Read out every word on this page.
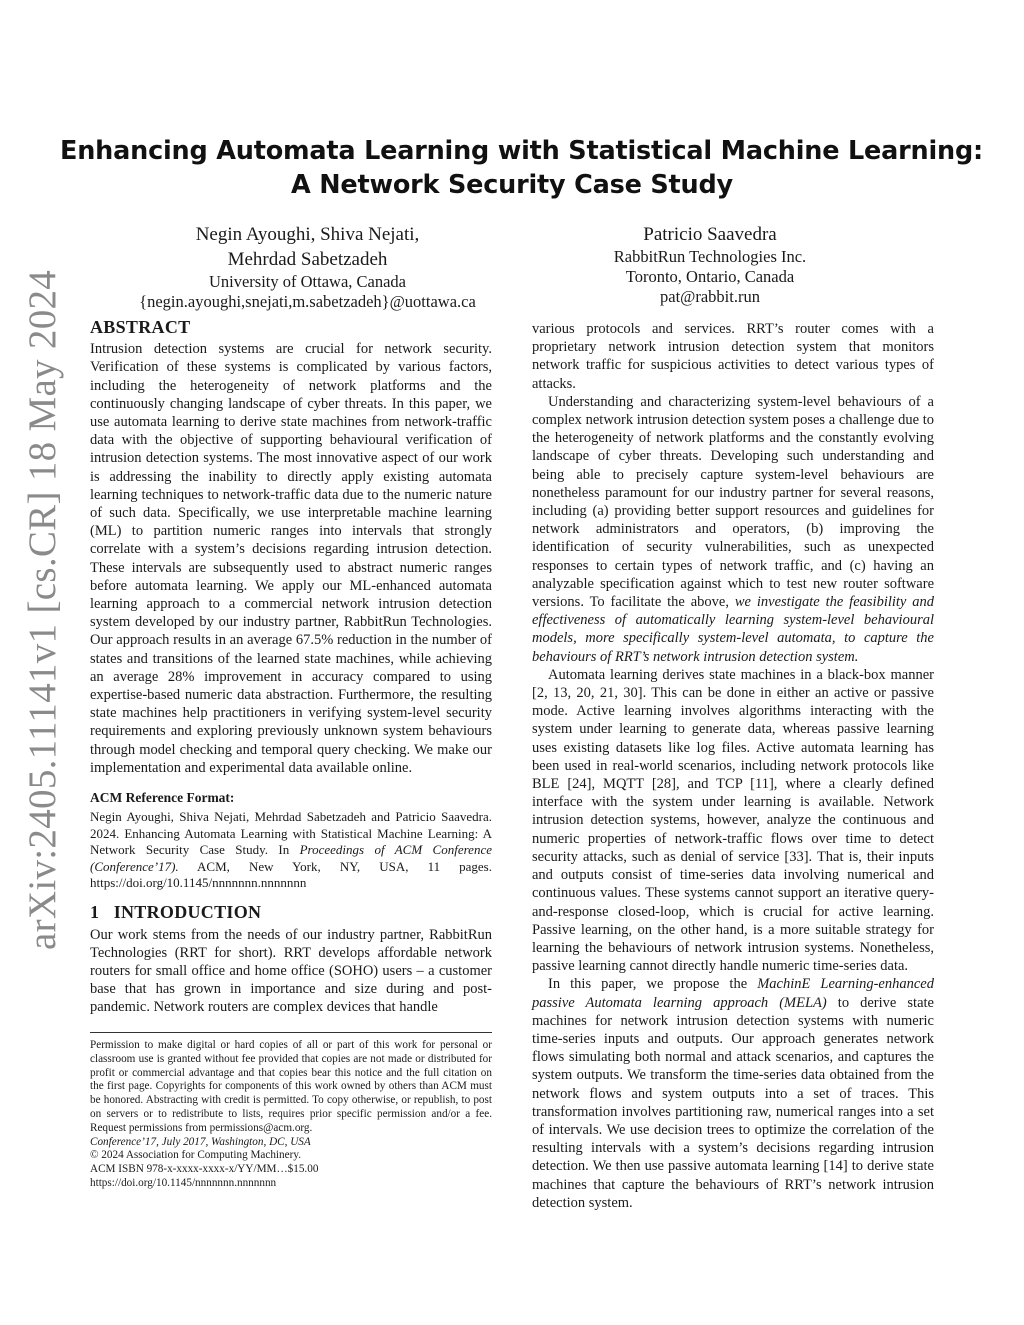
Enhancing Automata Learning with Statistical Machine Learning:
A Network Security Case Study
Negin Ayoughi, Shiva Nejati,
Mehrdad Sabetzadeh
University of Ottawa, Canada
{negin.ayoughi,snejati,m.sabetzadeh}@uottawa.ca
Patricio Saavedra
RabbitRun Technologies Inc.
Toronto, Ontario, Canada
pat@rabbit.run
arXiv:2405.11141v1 [cs.CR] 18 May 2024 ABSTRACT

Intrusion detection systems are crucial for network security. Verification of these systems is complicated by various factors, including the heterogeneity of network platforms and the continuously changing landscape of cyber threats. In this paper, we use automata learning to derive state machines from network-traffic data with the objective of supporting behavioural verification of intrusion detection systems. The most innovative aspect of our work is addressing the inability to directly apply existing automata learning techniques to network-traffic data due to the numeric nature of such data. Specifically, we use interpretable machine learning (ML) to partition numeric ranges into intervals that strongly correlate with a system’s decisions regarding intrusion detection. These intervals are subsequently used to abstract numeric ranges before automata learning. We apply our ML-enhanced automata learning approach to a commercial network intrusion detection system developed by our industry partner, RabbitRun Technologies. Our approach results in an average 67.5% reduction in the number of states and transitions of the learned state machines, while achieving an average 28% improvement in accuracy compared to using expertise-based numeric data abstraction. Furthermore, the resulting state machines help practitioners in verifying system-level security requirements and exploring previously unknown system behaviours through model checking and temporal query checking. We make our implementation and experimental data available online.

ACM Reference Format:

Negin Ayoughi, Shiva Nejati, Mehrdad Sabetzadeh and Patricio Saavedra. 2024. Enhancing Automata Learning with Statistical Machine Learning: A Network Security Case Study. In Proceedings of ACM Conference (Conference’17). ACM, New York, NY, USA, 11 pages. https://doi.org/10.1145/nnnnnnn.nnnnnnn

1   INTRODUCTION

Our work stems from the needs of our industry partner, RabbitRun Technologies (RRT for short). RRT develops affordable network routers for small office and home office (SOHO) users – a customer base that has grown in importance and size during and post-pandemic. Network routers are complex devices that handle

Permission to make digital or hard copies of all or part of this work for personal or classroom use is granted without fee provided that copies are not made or distributed for profit or commercial advantage and that copies bear this notice and the full citation on the first page. Copyrights for components of this work owned by others than ACM must be honored. Abstracting with credit is permitted. To copy otherwise, or republish, to post on servers or to redistribute to lists, requires prior specific permission and/or a fee. Request permissions from permissions@acm.org.

Conference’17, July 2017, Washington, DC, USA

© 2024 Association for Computing Machinery.

ACM ISBN 978-x-xxxx-xxxx-x/YY/MM…$15.00

https://doi.org/10.1145/nnnnnnn.nnnnnnn

various protocols and services. RRT’s router comes with a proprietary network intrusion detection system that monitors network traffic for suspicious activities to detect various types of attacks.

Understanding and characterizing system-level behaviours of a complex network intrusion detection system poses a challenge due to the heterogeneity of network platforms and the constantly evolving landscape of cyber threats. Developing such understanding and being able to precisely capture system-level behaviours are nonetheless paramount for our industry partner for several reasons, including (a) providing better support resources and guidelines for network administrators and operators, (b) improving the identification of security vulnerabilities, such as unexpected responses to certain types of network traffic, and (c) having an analyzable specification against which to test new router software versions. To facilitate the above, we investigate the feasibility and effectiveness of automatically learning system-level behavioural models, more specifically system-level automata, to capture the behaviours of RRT’s network intrusion detection system.

Automata learning derives state machines in a black-box manner [2, 13, 20, 21, 30]. This can be done in either an active or passive mode. Active learning involves algorithms interacting with the system under learning to generate data, whereas passive learning uses existing datasets like log files. Active automata learning has been used in real-world scenarios, including network protocols like BLE [24], MQTT [28], and TCP [11], where a clearly defined interface with the system under learning is available. Network intrusion detection systems, however, analyze the continuous and numeric properties of network-traffic flows over time to detect security attacks, such as denial of service [33]. That is, their inputs and outputs consist of time-series data involving numerical and continuous values. These systems cannot support an iterative query-and-response closed-loop, which is crucial for active learning. Passive learning, on the other hand, is a more suitable strategy for learning the behaviours of network intrusion systems. Nonetheless, passive learning cannot directly handle numeric time-series data.

In this paper, we propose the MachinE Learning-enhanced passive Automata learning approach (MELA) to derive state machines for network intrusion detection systems with numeric time-series inputs and outputs. Our approach generates network flows simulating both normal and attack scenarios, and captures the system outputs. We transform the time-series data obtained from the network flows and system outputs into a set of traces. This transformation involves partitioning raw, numerical ranges into a set of intervals. We use decision trees to optimize the correlation of the resulting intervals with a system’s decisions regarding intrusion detection. We then use passive automata learning [14] to derive state machines that capture the behaviours of RRT’s network intrusion detection system.
